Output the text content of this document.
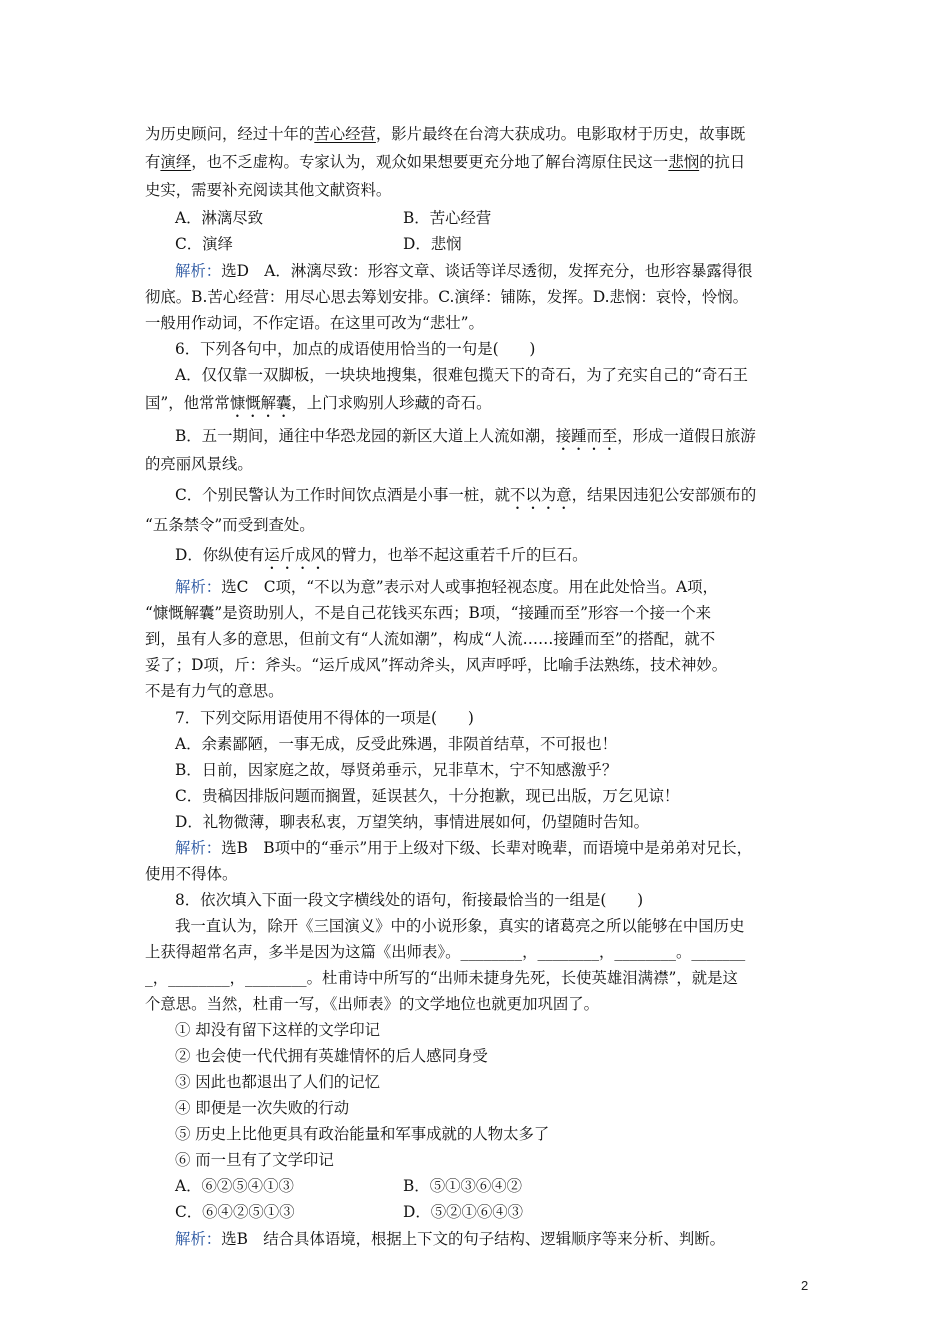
为历史顾问，经过十年的苦心经营，影片最终在台湾大获成功。电影取材于历史，故事既
有演绎，也不乏虚构。专家认为，观众如果想要更充分地了解台湾原住民这一悲悯的抗日
史实，需要补充阅读其他文献资料。
A．淋漓尽致	B．苦心经营
C．演绎	D．悲悯
解析：选D　A．淋漓尽致：形容文章、谈话等详尽透彻，发挥充分，也形容暴露得很
彻底。B.苦心经营：用尽心思去筹划安排。C.演绎：铺陈，发挥。D.悲悯：哀怜，怜悯。
一般用作动词，不作定语。在这里可改为“悲壮”。
6．下列各句中，加点的成语使用恰当的一句是(　　)
A．仅仅靠一双脚板，一块块地搜集，很难包揽天下的奇石，为了充实自己的“奇石王
国”，他常常慷慨解囊，上门求购别人珍藏的奇石。
B．五一期间，通往中华恐龙园的新区大道上人流如潮，接踵而至，形成一道假日旅游
的亮丽风景线。
C．个别民警认为工作时间饮点酒是小事一桩，就不以为意，结果因违犯公安部颁布的
“五条禁令”而受到查处。
D．你纵使有运斤成风的臂力，也举不起这重若千斤的巨石。
解析：选C　C项，“不以为意”表示对人或事抱轻视态度。用在此处恰当。A项，
“慷慨解囊”是资助别人，不是自己花钱买东西；B项，“接踵而至”形容一个接一个来
到，虽有人多的意思，但前文有“人流如潮”，构成“人流……接踵而至”的搭配，就不
妥了；D项，斤：斧头。“运斤成风”挥动斧头，风声呼呼，比喻手法熟练，技术神妙。
不是有力气的意思。
7．下列交际用语使用不得体的一项是(　　)
A．余素鄙陋，一事无成，反受此殊遇，非陨首结草，不可报也！
B．日前，因家庭之故，辱贤弟垂示，兄非草木，宁不知感激乎？
C．贵稿因排版问题而搁置，延误甚久，十分抱歉，现已出版，万乞见谅！
D．礼物微薄，聊表私衷，万望笑纳，事情进展如何，仍望随时告知。
解析：选B　B项中的“垂示”用于上级对下级、长辈对晚辈，而语境中是弟弟对兄长，
使用不得体。
8．依次填入下面一段文字横线处的语句，衔接最恰当的一组是(　　)
我一直认为，除开《三国演义》中的小说形象，真实的诸葛亮之所以能够在中国历史
上获得超常名声，多半是因为这篇《出师表》。________，________，________。_______
_，________，________。杜甫诗中所写的“出师未捷身先死，长使英雄泪满襟”，就是这
个意思。当然，杜甫一写，《出师表》的文学地位也就更加巩固了。
① 却没有留下这样的文学印记
② 也会使一代代拥有英雄情怀的后人感同身受
③ 因此也都退出了人们的记忆
④ 即便是一次失败的行动
⑤ 历史上比他更具有政治能量和军事成就的人物太多了
⑥ 而一旦有了文学印记
A．⑥②⑤④①③	B．⑤①③⑥④②
C．⑥④②⑤①③	D．⑤②①⑥④③
解析：选B　结合具体语境，根据上下文的句子结构、逻辑顺序等来分析、判断。
2
